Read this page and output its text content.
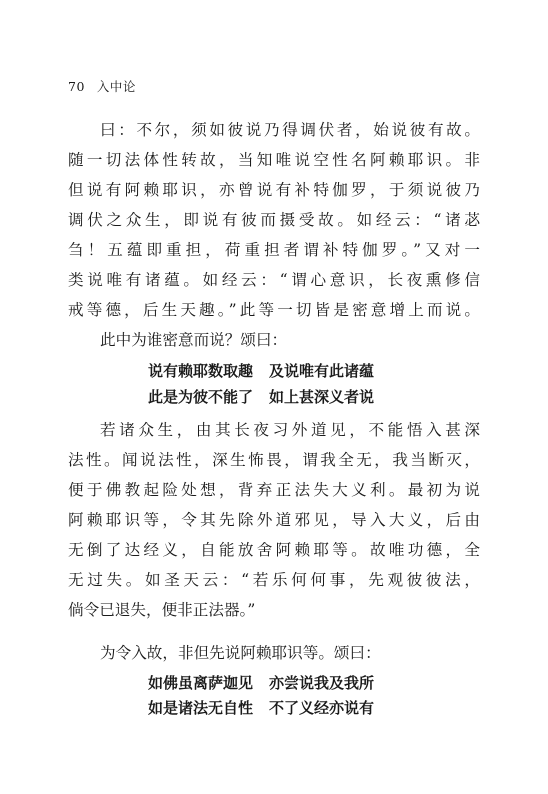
70 入中论
曰：不尔，须如彼说乃得调伏者，始说彼有故。
随一切法体性转故，当知唯说空性名阿赖耶识。非
但说有阿赖耶识，亦曾说有补特伽罗，于须说彼乃
调伏之众生，即说有彼而摄受故。如经云：“诸苾
刍！五蕴即重担，荷重担者谓补特伽罗。”又对一
类说唯有诸蕴。如经云：“谓心意识，长夜熏修信
戒等德，后生天趣。”此等一切皆是密意增上而说。
此中为谁密意而说？颂曰：
说有赖耶数取趣 及说唯有此诸蕴
此是为彼不能了 如上甚深义者说
若诸众生，由其长夜习外道见，不能悟入甚深
法性。闻说法性，深生怖畏，谓我全无，我当断灭，
便于佛教起险处想，背弃正法失大义利。最初为说
阿赖耶识等，令其先除外道邪见，导入大义，后由
无倒了达经义，自能放舍阿赖耶等。故唯功德，全
无过失。如圣天云：“若乐何何事，先观彼彼法，
倘令已退失，便非正法器。”
为令入故，非但先说阿赖耶识等。颂曰：
如佛虽离萨迦见 亦尝说我及我所
如是诸法无自性 不了义经亦说有
